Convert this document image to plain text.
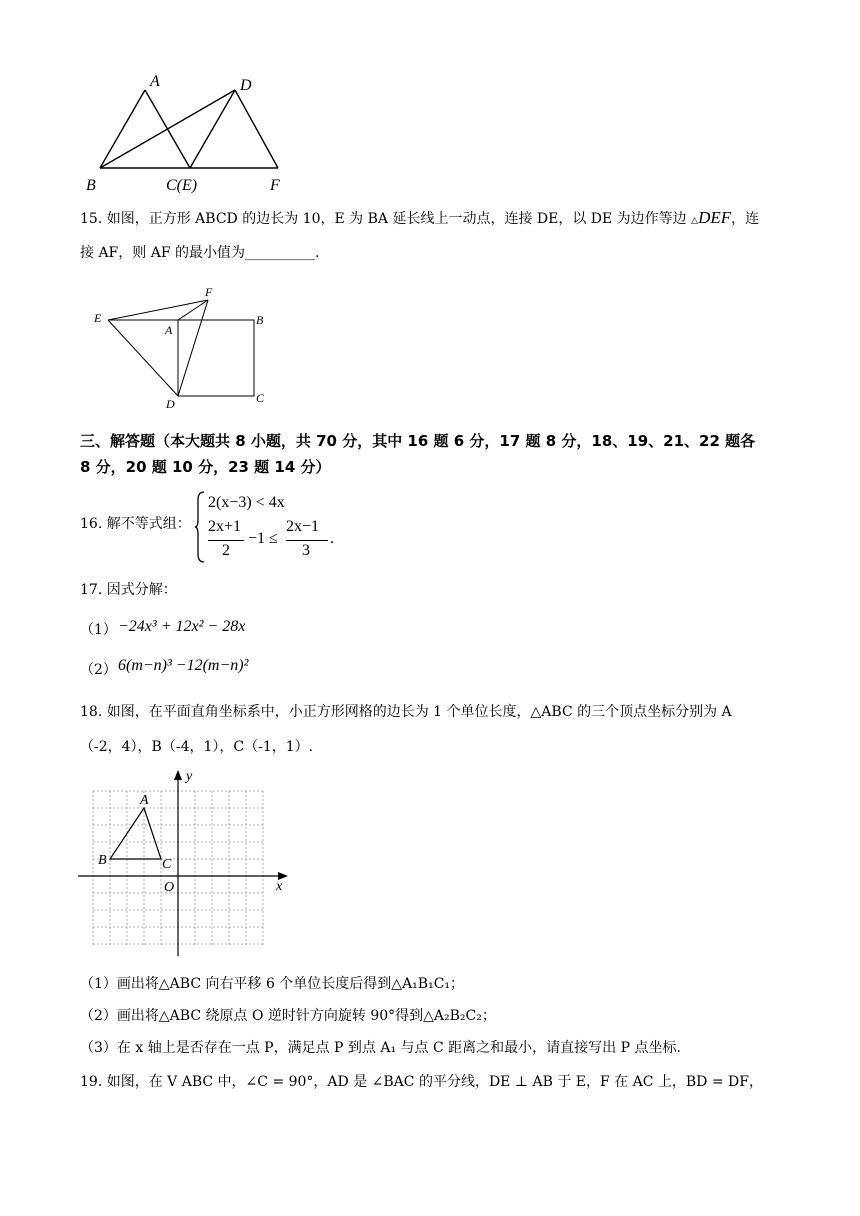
A	D
B	C(E)	F
15. 如图，正方形 ABCD 的边长为 10，E 为 BA 延长线上一动点，连接 DE，以 DE 为边作等边 △DEF，连
接 AF，则 AF 的最小值为__________.
E
F
A
B
D	C
三、解答题（本大题共 8 小题，共 70 分，其中 16 题 6 分，17 题 8 分，18、19、21、22 题各
8 分，20 题 10 分，23 题 14 分）
16. 解不等式组：
2(x−3) < 4x
2x+1
2
−1 ≤
2x−1
3
.
17. 因式分解：
（1） −24x³ + 12x² − 28x
（2） 6(m−n)³ −12(m−n)²
18. 如图，在平面直角坐标系中，小正方形网格的边长为 1 个单位长度，△ABC 的三个顶点坐标分别为 A
（-2，4），B（-4，1），C（-1，1）.
y
x
O
A
B	C
（1）画出将△ABC 向右平移 6 个单位长度后得到△A₁B₁C₁；
（2）画出将△ABC 绕原点 O 逆时针方向旋转 90°得到△A₂B₂C₂；
（3）在 x 轴上是否存在一点 P，满足点 P 到点 A₁ 与点 C 距离之和最小，请直接写出 P 点坐标.
19. 如图，在 V ABC 中，∠C = 90°，AD 是 ∠BAC 的平分线，DE ⊥ AB 于 E，F 在 AC 上，BD = DF，
